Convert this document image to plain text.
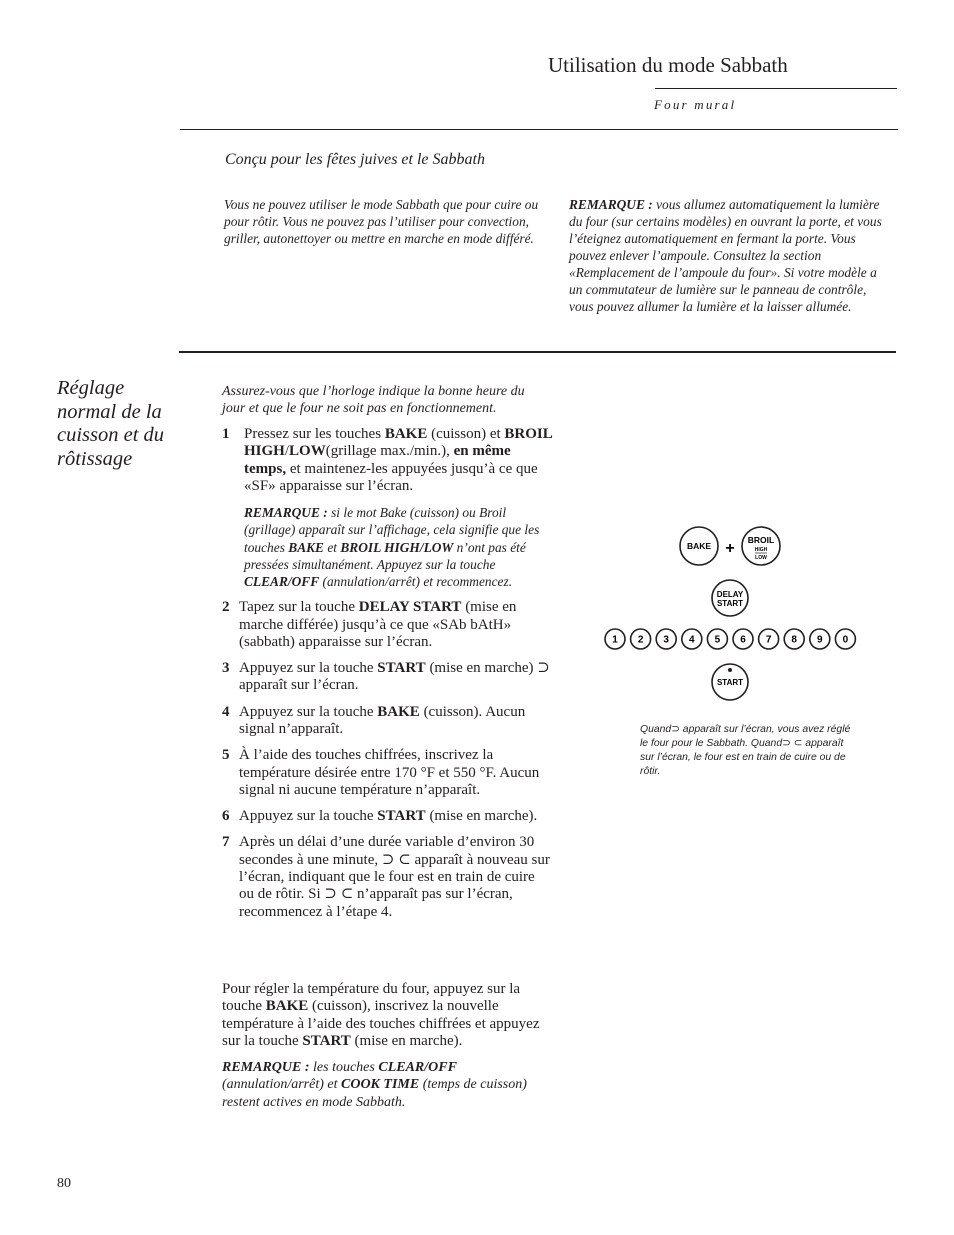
Utilisation du mode Sabbath
Four mural
Conçu pour les fêtes juives et le Sabbath
Vous ne pouvez utiliser le mode Sabbath que pour cuire ou pour rôtir. Vous ne pouvez pas l’utiliser pour convection, griller, autonettoyer ou mettre en marche en mode différé.
REMARQUE : vous allumez automatiquement la lumière du four (sur certains modèles) en ouvrant la porte, et vous l’éteignez automatiquement en fermant la porte. Vous pouvez enlever l’ampoule. Consultez la section «Remplacement de l’ampoule du four». Si votre modèle a un commutateur de lumière sur le panneau de contrôle, vous pouvez allumer la lumière et la laisser allumée.
Réglage normal de la cuisson et du rôtissage
Assurez-vous que l’horloge indique la bonne heure du jour et que le four ne soit pas en fonctionnement.
1 Pressez sur les touches BAKE (cuisson) et BROIL HIGH/LOW(grillage max./min.), en même temps, et maintenez-les appuyées jusqu’à ce que «SF» apparaisse sur l’écran.
REMARQUE : si le mot Bake (cuisson) ou Broil (grillage) apparaît sur l’affichage, cela signifie que les touches BAKE et BROIL HIGH/LOW n’ont pas été pressées simultanément. Appuyez sur la touche CLEAR/OFF (annulation/arrêt) et recommencez.
2 Tapez sur la touche DELAY START (mise en marche différée) jusqu’à ce que «SAb bAtH» (sabbath) apparaisse sur l’écran.
3 Appuyez sur la touche START (mise en marche) ⊃ apparaît sur l’écran.
4 Appuyez sur la touche BAKE (cuisson). Aucun signal n’apparaît.
5 À l’aide des touches chiffrées, inscrivez la température désirée entre 170 °F et 550 °F. Aucun signal ni aucune température n’apparaît.
6 Appuyez sur la touche START (mise en marche).
7 Après un délai d’une durée variable d’environ 30 secondes à une minute, ⊃ ⊂ apparaît à nouveau sur l’écran, indiquant que le four est en train de cuire ou de rôtir. Si ⊃ ⊂ n’apparaît pas sur l’écran, recommencez à l’étape 4.
Pour régler la température du four, appuyez sur la touche BAKE (cuisson), inscrivez la nouvelle température à l’aide des touches chiffrées et appuyez sur la touche START (mise en marche).
REMARQUE : les touches CLEAR/OFF (annulation/arrêt) et COOK TIME (temps de cuisson) restent actives en mode Sabbath.
BAKE + BROIL
HIGH
LOW
DELAY
START
1 2 3 4 5 6 7 8 9 0
START
Quand⊃ apparaît sur l’écran, vous avez réglé le four pour le Sabbath. Quand⊃ ⊂ apparaît sur l’écran, le four est en train de cuire ou de rôtir.
80
